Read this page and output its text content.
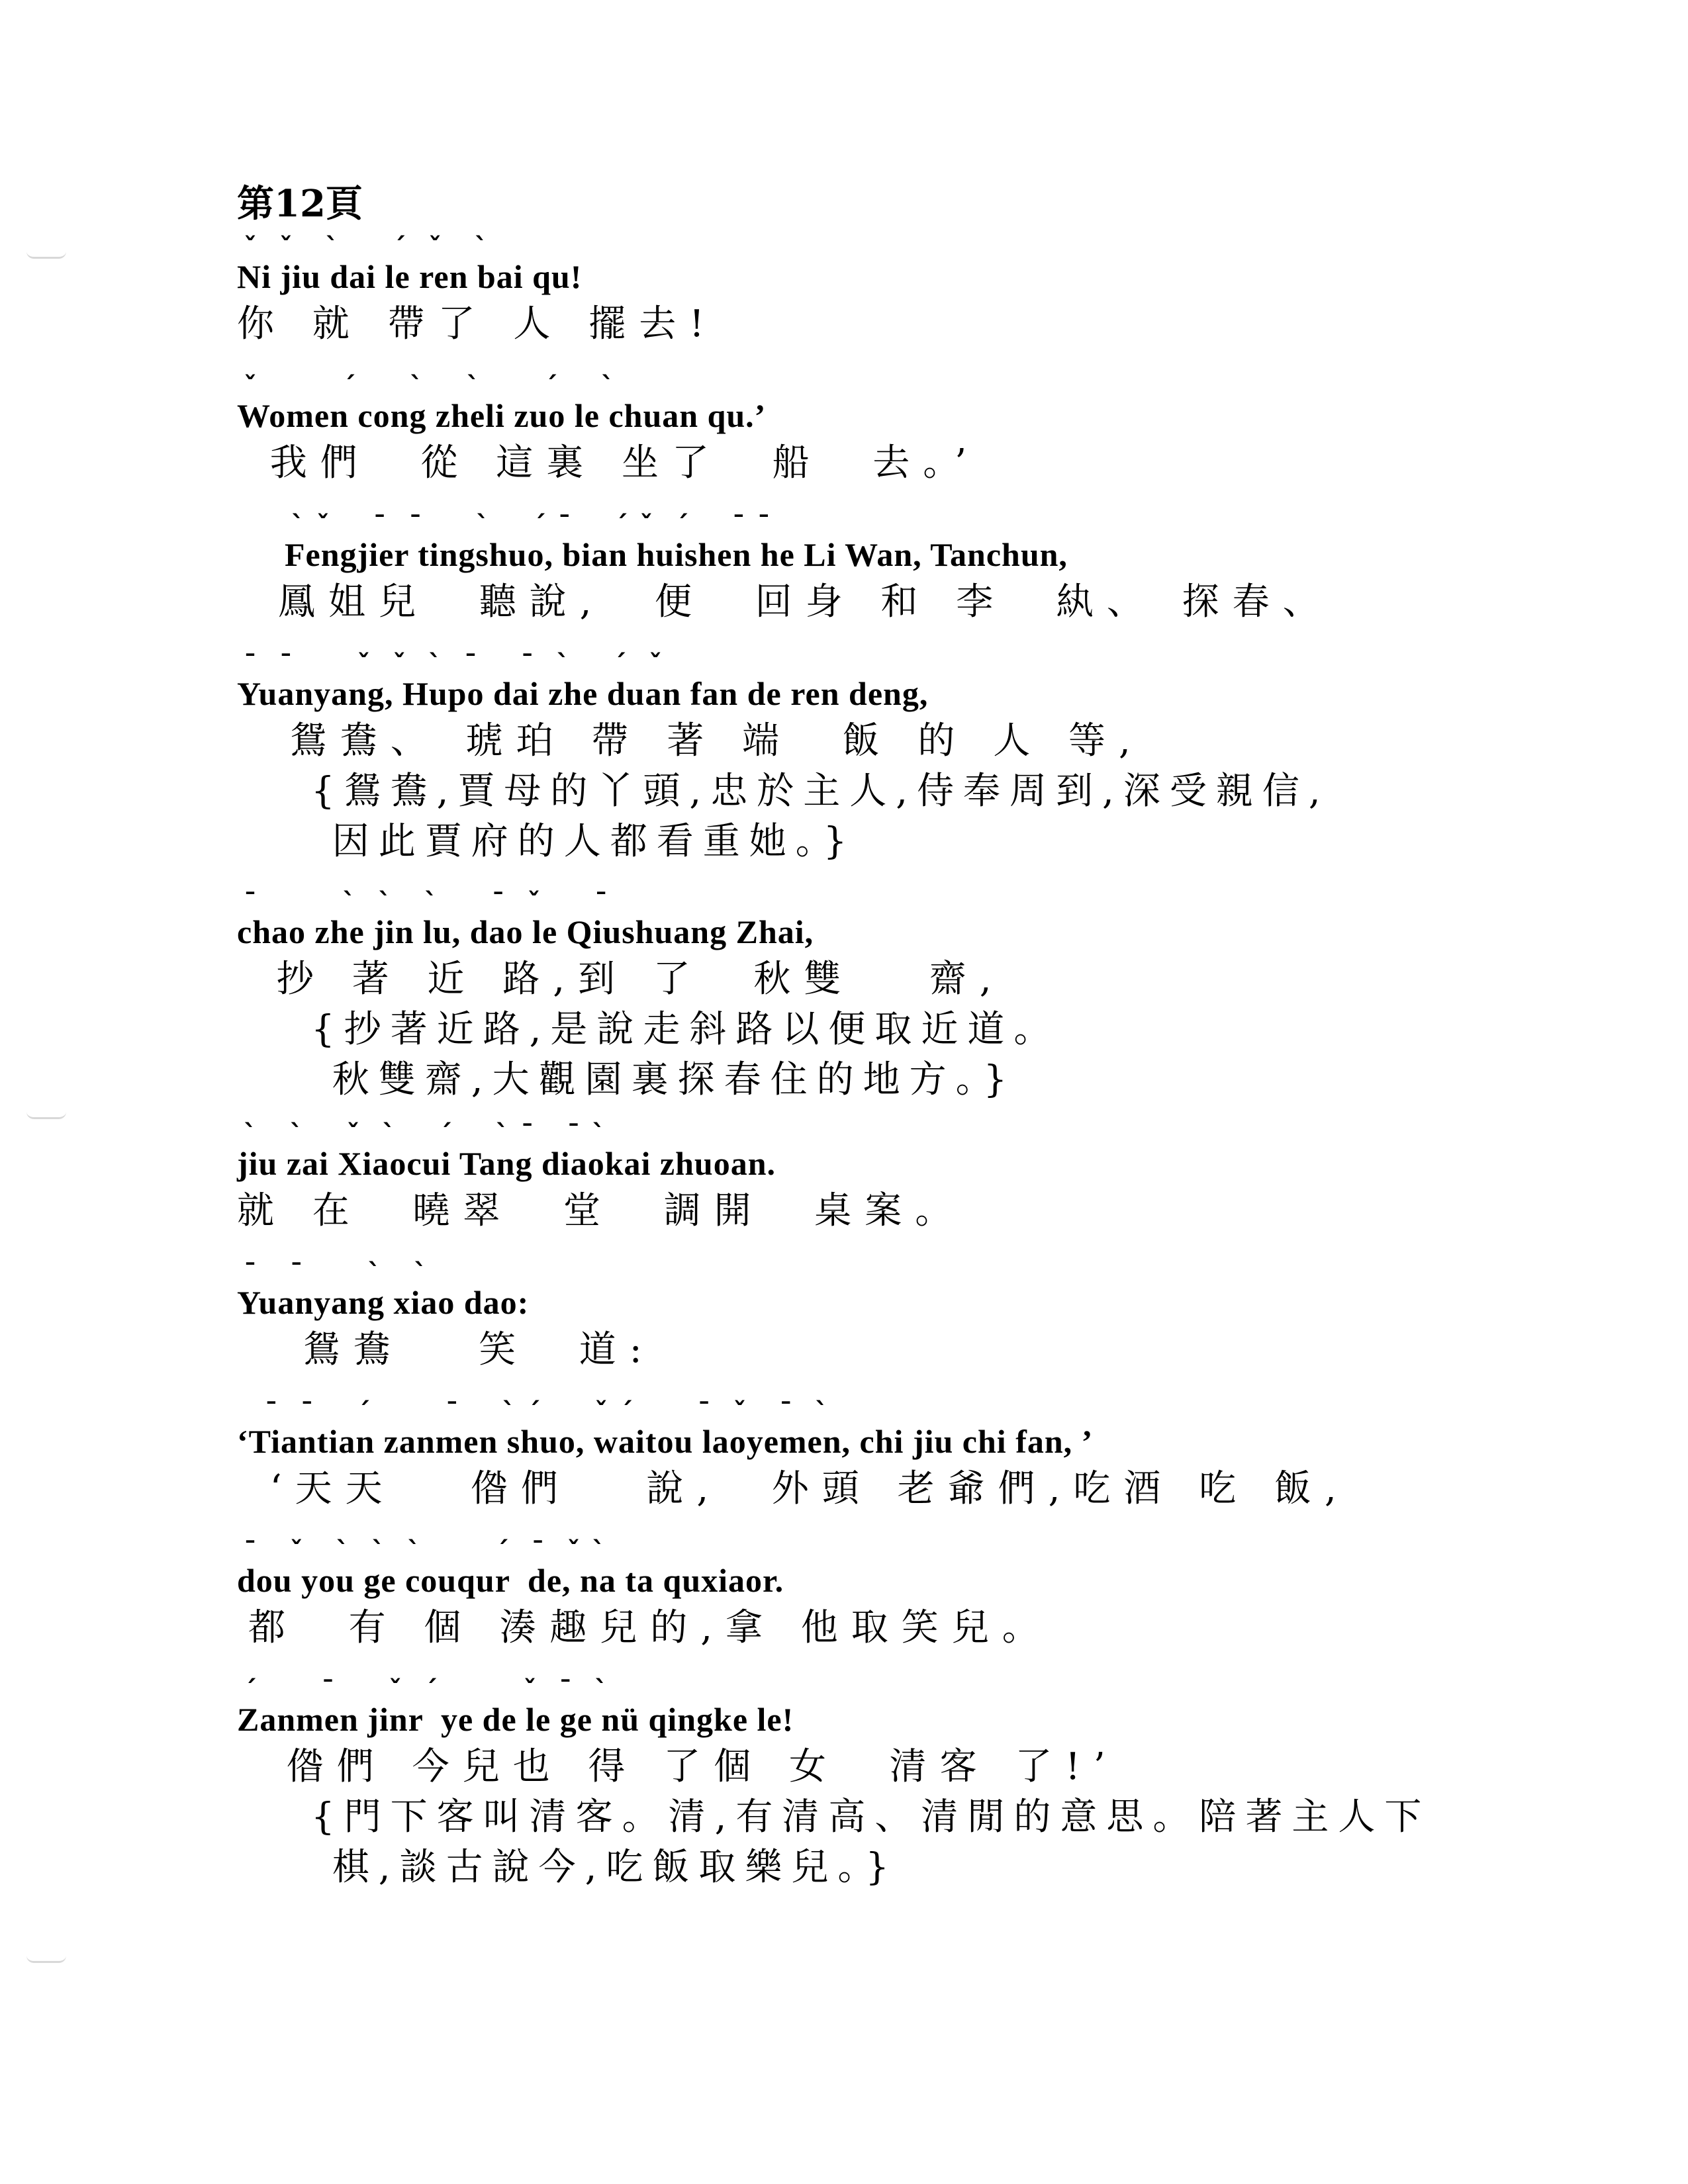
第12頁
ˇ  ˇ   ˋ     ˊ  ˇ   ˋ
Ni jiu dai le ren bai qu!
你 就 帶了 人 擺去!
ˇ        ˊ     ˋ    ˋ      ˊ    ˋ
Women cong zheli zuo le chuan qu.’
我們  從 這裏 坐了  船  去。’
ˋ ˇ    ˉ  ˉ     ˋ    ˊ ˉ    ˊ ˇ  ˊ    ˉ ˉ
Fengjier tingshuo, bian huishen he Li Wan, Tanchun,
鳳姐兒  聽說,  便  回身 和 李  紈、 探春、
ˉ  ˉ      ˇ  ˇ  ˋ  ˉ    ˉ  ˋ    ˊ  ˇ
Yuanyang, Hupo dai zhe duan fan de ren deng,
鴛鴦、 琥珀 帶 著 端  飯 的 人 等,
{鴛鴦,賈母的丫頭,忠於主人,侍奉周到,深受親信,
因此賈府的人都看重她。}
ˉ        ˋ  ˋ   ˋ     ˉ  ˇ     ˉ
chao zhe jin lu, dao le Qiushuang Zhai,
抄 著 近 路,到 了  秋雙   齋,
{抄著近路,是說走斜路以便取近道。
秋雙齋,大觀園裏探春住的地方。}
ˋ   ˋ    ˇ  ˋ    ˊ    ˋ ˉ   ˉ ˋ
jiu zai Xiaocui Tang diaokai zhuoan.
就 在  曉翠  堂  調開  桌案。
ˉ   ˉ      ˋ   ˋ
Yuanyang xiao dao:
鴛鴦   笑  道:
ˉ  ˉ    ˊ       ˉ    ˋ ˊ     ˇ ˊ      ˉ  ˇ   ˉ  ˋ
‘Tiantian zanmen shuo, waitou laoyemen, chi jiu chi fan, ’
‘天天   偺們   說,  外頭 老爺們,吃酒 吃 飯,
ˉ   ˇ   ˋ  ˋ  ˋ       ˊ  ˉ  ˇ ˋ
dou you ge couqur  de, na ta quxiaor.
都  有 個 湊趣兒的,拿 他取笑兒。
ˊ      ˉ     ˇ  ˊ        ˇ  ˉ  ˋ
Zanmen jinr  ye de le ge nü qingke le!
偺們 今兒也 得 了個 女  清客 了!’
{門下客叫清客。清,有清高、清閒的意思。陪著主人下
棋,談古說今,吃飯取樂兒。}
